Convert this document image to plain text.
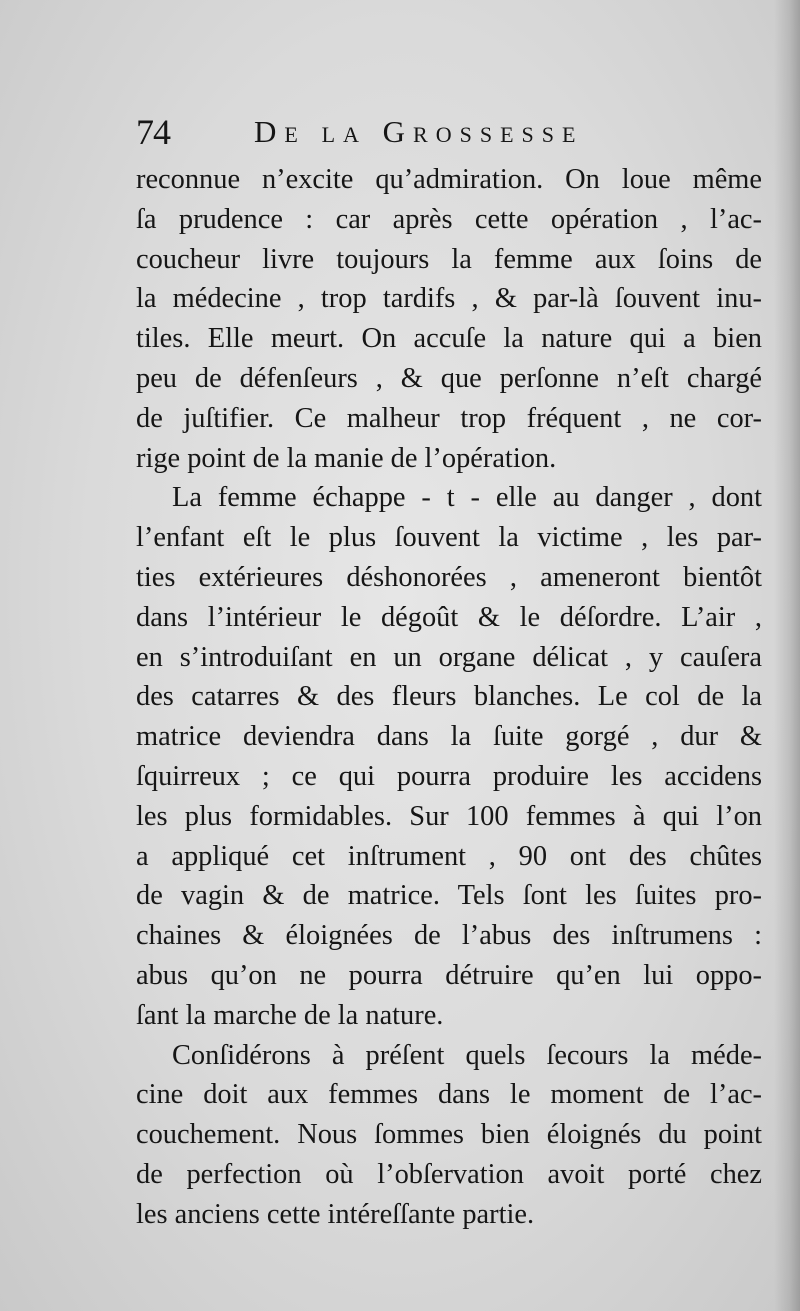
74	De la Grossesse

reconnue n’excite qu’admiration. On loue même
ſa prudence : car après cette opération , l’ac-
coucheur livre toujours la femme aux ſoins de
la médecine , trop tardifs , & par-là ſouvent inu-
tiles. Elle meurt. On accuſe la nature qui a bien
peu de défenſeurs , & que perſonne n’eſt chargé
de juſtifier. Ce malheur trop fréquent , ne cor-
rige point de la manie de l’opération.

La femme échappe - t - elle au danger , dont
l’enfant eſt le plus ſouvent la victime , les par-
ties extérieures déshonorées , ameneront bientôt
dans l’intérieur le dégoût & le déſordre. L’air ,
en s’introduiſant en un organe délicat , y cauſera
des catarres & des fleurs blanches. Le col de la
matrice deviendra dans la ſuite gorgé , dur &
ſquirreux ; ce qui pourra produire les accidens
les plus formidables. Sur 100 femmes à qui l’on
a appliqué cet inſtrument , 90 ont des chûtes
de vagin & de matrice. Tels ſont les ſuites pro-
chaines & éloignées de l’abus des inſtrumens :
abus qu’on ne pourra détruire qu’en lui oppo-
ſant la marche de la nature.

Conſidérons à préſent quels ſecours la méde-
cine doit aux femmes dans le moment de l’ac-
couchement. Nous ſommes bien éloignés du point
de perfection où l’obſervation avoit porté chez
les anciens cette intéreſſante partie.
